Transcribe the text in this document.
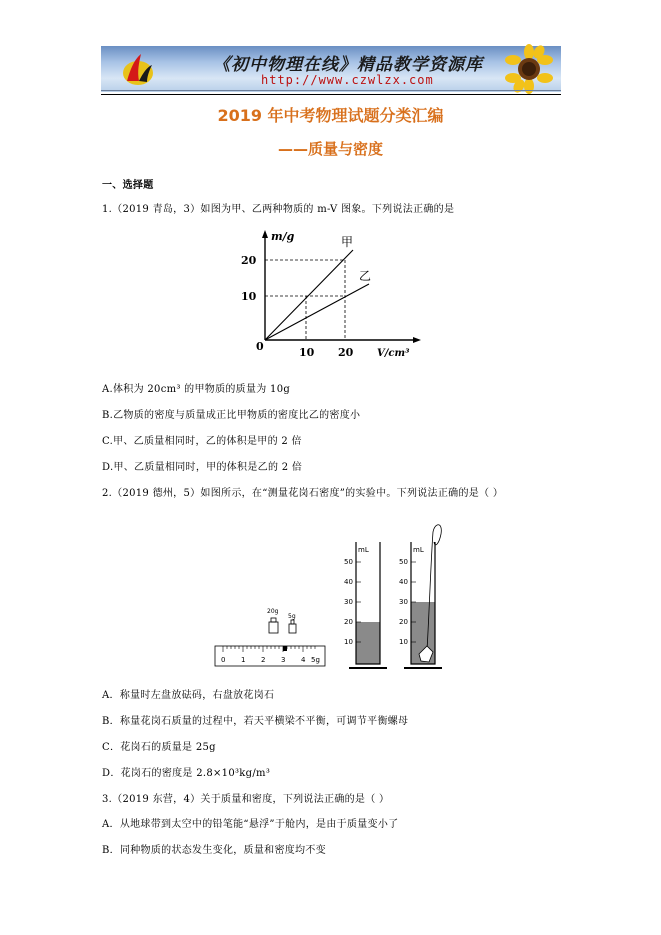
《初中物理在线》精品教学资源库
http://www.czwlzx.com
2019 年中考物理试题分类汇编
——质量与密度
一、选择题
1.（2019 青岛，3）如图为甲、乙两种物质的 m-V 图象。下列说法正确的是
m/g
V/cm³
0
20
10
10 20
甲
乙
A.体积为 20cm³ 的甲物质的质量为 10g
B.乙物质的密度与质量成正比甲物质的密度比乙的密度小
C.甲、乙质量相同时，乙的体积是甲的 2 倍
D.甲、乙质量相同时，甲的体积是乙的 2 倍
2.（2019 德州，5）如图所示，在“测量花岗石密度”的实验中。下列说法正确的是（ ）
20g
5g
0 1 2 3 4 5g
mL
50
40
30
20
10
mL
50
40
30
20
10
A．称量时左盘放砝码，右盘放花岗石
B．称量花岗石质量的过程中，若天平横梁不平衡，可调节平衡螺母
C．花岗石的质量是 25g
D．花岗石的密度是 2.8×10³kg/m³
3.（2019 东营，4）关于质量和密度，下列说法正确的是（ ）
A．从地球带到太空中的铅笔能“悬浮”于舱内，是由于质量变小了
B．同种物质的状态发生变化，质量和密度均不变
